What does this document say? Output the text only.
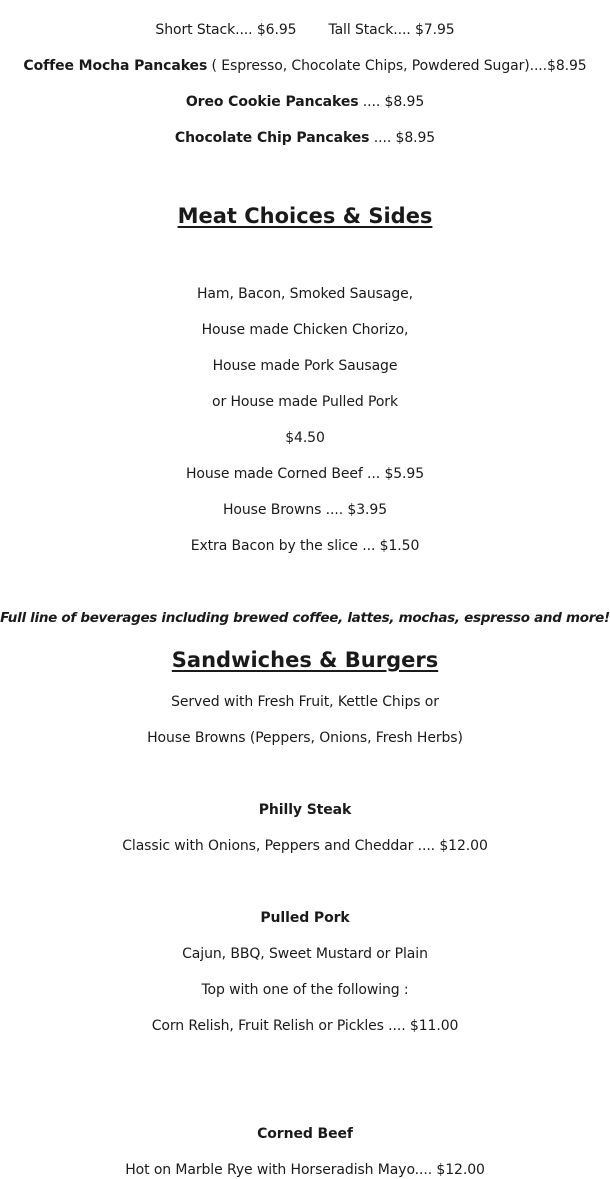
Short Stack.... $6.95 Tall Stack.... $7.95
Coffee Mocha Pancakes ( Espresso, Chocolate Chips, Powdered Sugar)....$8.95
Oreo Cookie Pancakes .... $8.95
Chocolate Chip Pancakes .... $8.95
Meat Choices & Sides
Ham, Bacon, Smoked Sausage,
House made Chicken Chorizo,
House made Pork Sausage
or House made Pulled Pork
$4.50
House made Corned Beef ... $5.95
House Browns .... $3.95
Extra Bacon by the slice ... $1.50
Full line of beverages including brewed coffee, lattes, mochas, espresso and more!
Sandwiches & Burgers
Served with Fresh Fruit, Kettle Chips or
House Browns (Peppers, Onions, Fresh Herbs)
Philly Steak
Classic with Onions, Peppers and Cheddar .... $12.00
Pulled Pork
Cajun, BBQ, Sweet Mustard or Plain
Top with one of the following :
Corn Relish, Fruit Relish or Pickles .... $11.00
Corned Beef
Hot on Marble Rye with Horseradish Mayo.... $12.00
